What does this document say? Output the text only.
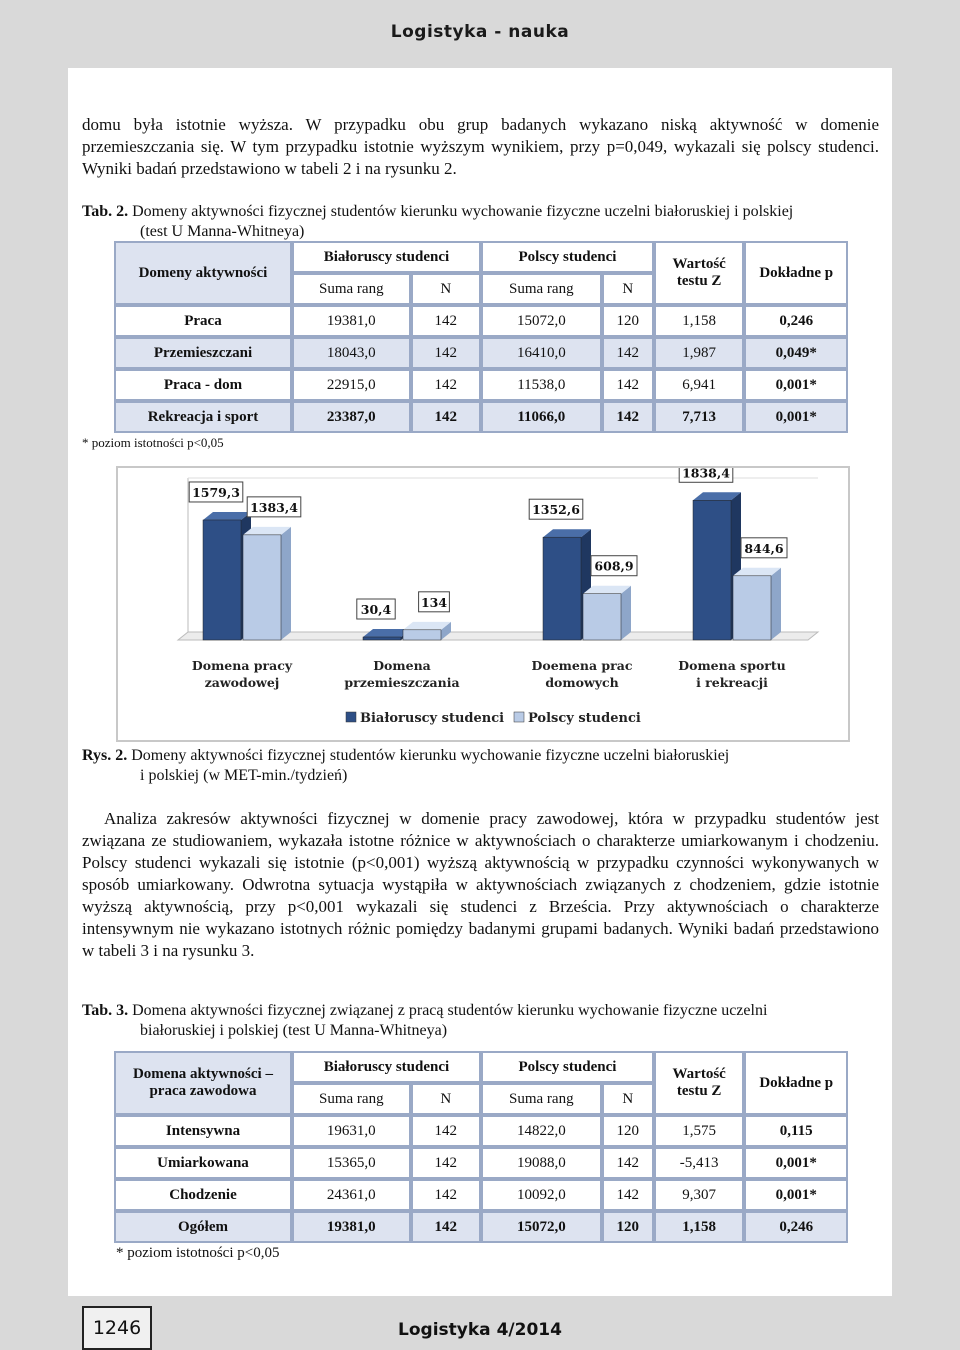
Logistyka - nauka
domu była istotnie wyższa. W przypadku obu grup badanych wykazano niską aktywność w domenie przemieszczania się. W tym przypadku istotnie wyższym wynikiem, przy p=0,049, wykazali się polscy studenci. Wyniki badań przedstawiono w tabeli 2 i na rysunku 2.
Tab. 2. Domeny aktywności fizycznej studentów kierunku wychowanie fizyczne uczelni białoruskiej i polskiej
(test U Manna-Whitneya)
Domeny aktywności	Białoruscy studenci		Polscy studenci		Wartość testu Z	Dokładne p
	Suma rang	N	Suma rang	N		
Praca	19381,0	142	15072,0	120	1,158	0,246
Przemieszczani	18043,0	142	16410,0	142	1,987	0,049*
Praca - dom	22915,0	142	11538,0	142	6,941	0,001*
Rekreacja i sport	23387,0	142	11066,0	142	7,713	0,001*
* poziom istotności p<0,05
1579,3
1383,4
Domena pracy
zawodowej
30,4 134
Domena
przemieszczania
1352,6
608,9
Doemena prac
domowych
1838,4
844,6
Domena sportu
i rekreacji
Białoruscy studenci Polscy studenci
Rys. 2. Domeny aktywności fizycznej studentów kierunku wychowanie fizyczne uczelni białoruskiej
i polskiej (w MET-min./tydzień)
Analiza zakresów aktywności fizycznej w domenie pracy zawodowej, która w przypadku studentów jest związana ze studiowaniem, wykazała istotne różnice w aktywnościach o charakterze umiarkowanym i chodzeniu. Polscy studenci wykazali się istotnie (p<0,001) wyższą aktywnością w przypadku czynności wykonywanych w sposób umiarkowany. Odwrotna sytuacja wystąpiła w aktywnościach związanych z chodzeniem, gdzie istotnie wyższą aktywnością, przy p<0,001 wykazali się studenci z Brześcia. Przy aktywnościach o charakterze intensywnym nie wykazano istotnych różnic pomiędzy badanymi grupami badanych. Wyniki badań przedstawiono w tabeli 3 i na rysunku 3.
Tab. 3. Domena aktywności fizycznej związanej z pracą studentów kierunku wychowanie fizyczne uczelni
białoruskiej i polskiej (test U Manna-Whitneya)
Domena aktywności – praca zawodowa	Białoruscy studenci		Polscy studenci		Wartość testu Z	Dokładne p
	Suma rang	N	Suma rang	N		
Intensywna	19631,0	142	14822,0	120	1,575	0,115
Umiarkowana	15365,0	142	19088,0	142	-5,413	0,001*
Chodzenie	24361,0	142	10092,0	142	9,307	0,001*
Ogółem	19381,0	142	15072,0	120	1,158	0,246
* poziom istotności p<0,05
1246	Logistyka 4/2014
